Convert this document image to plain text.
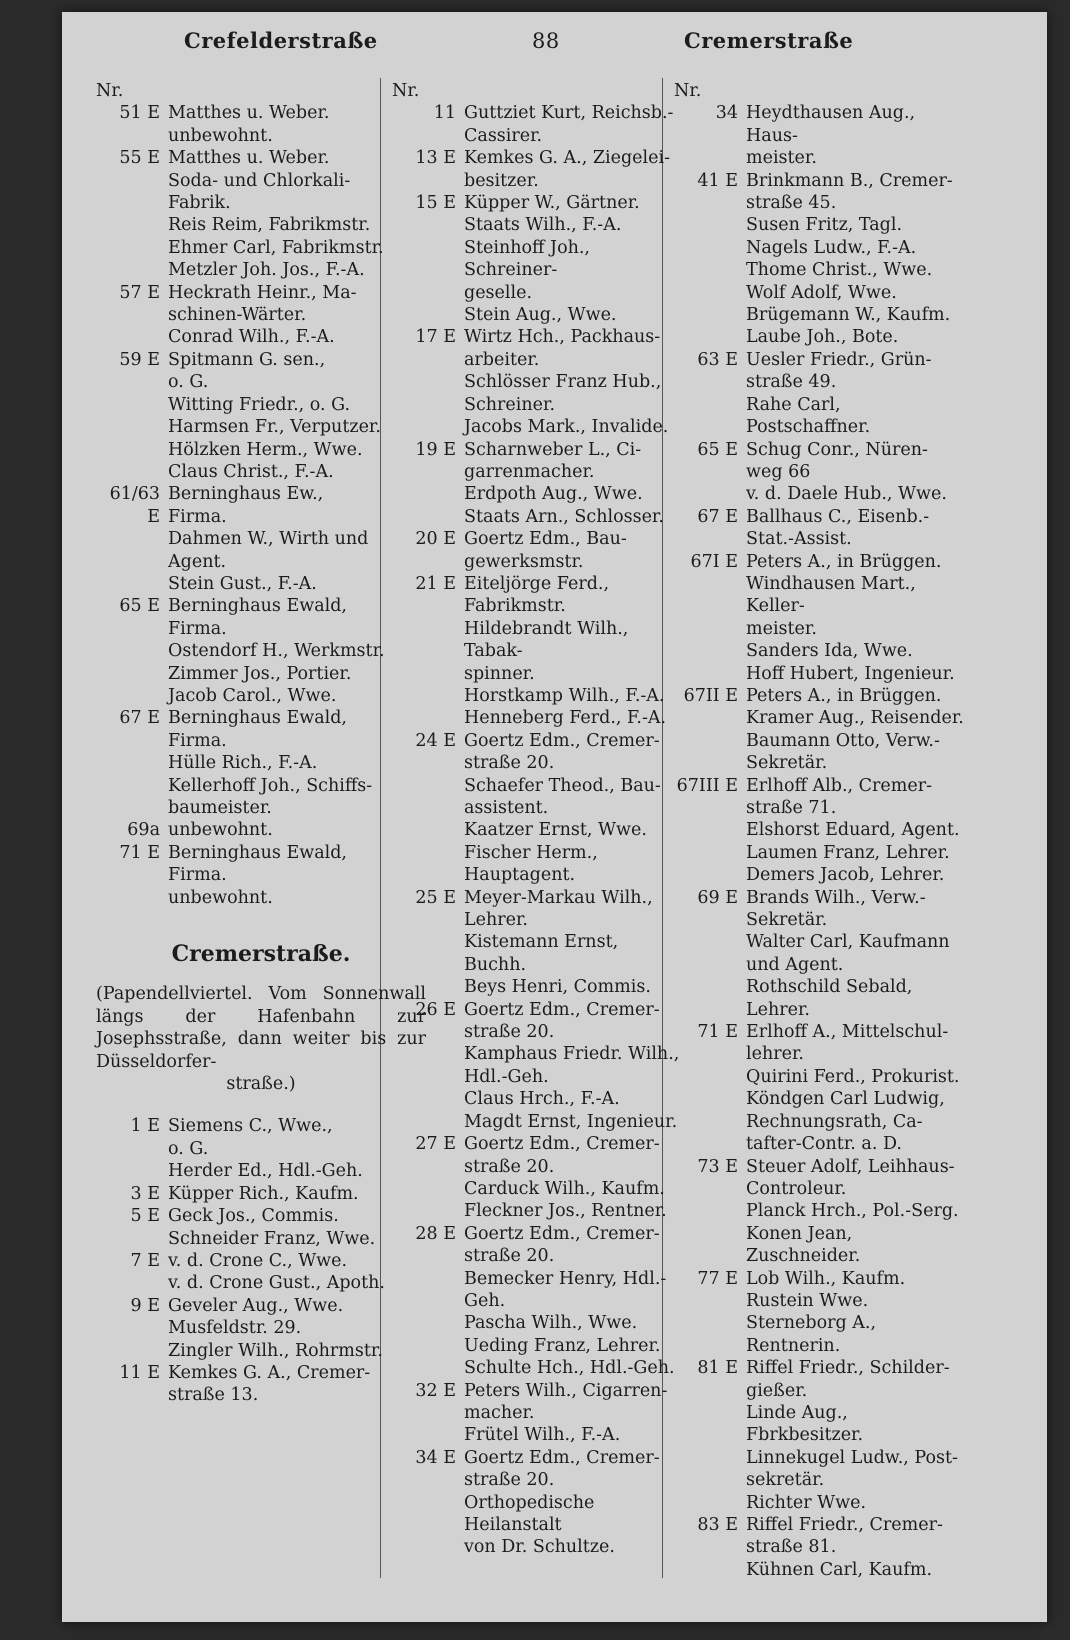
Crefelderstraße	88	Cremerstraße
Nr.
51 E Matthes u. Weber.
unbewohnt.
55 E Matthes u. Weber.
Soda- und Chlorkali-
Fabrik.
Reis Reim, Fabrikmstr.
Ehmer Carl, Fabrikmstr.
Metzler Joh. Jos., F.-A.
57 E Heckrath Heinr., Ma-
schinen-Wärter.
Conrad Wilh., F.-A.
59 E Spitmann G. sen.,
o. G.
Witting Friedr., o. G.
Harmsen Fr., Verputzer.
Hölzken Herm., Wwe.
Claus Christ., F.-A.
61/63 E
Berninghaus Ew.,
Firma.
Dahmen W., Wirth und
Agent.
Stein Gust., F.-A.
65 E Berninghaus Ewald,
Firma.
Ostendorf H., Werkmstr.
Zimmer Jos., Portier.
Jacob Carol., Wwe.
67 E Berninghaus Ewald,
Firma.
Hülle Rich., F.-A.
Kellerhoff Joh., Schiffs-
baumeister.
69a unbewohnt.
71 E Berninghaus Ewald,
Firma.
unbewohnt.
Cremerstraße.
(Papendellviertel. Vom Sonnenwall längs der Hafenbahn zur Josephsstraße, dann weiter bis zur Düsseldorfer-
straße.)
1 E Siemens C., Wwe.,
o. G.
Herder Ed., Hdl.-Geh.
3 E Küpper Rich., Kaufm.
5 E Geck Jos., Commis.
Schneider Franz, Wwe.
7 E v. d. Crone C., Wwe.
v. d. Crone Gust., Apoth.
9 E Geveler Aug., Wwe.
Musfeldstr. 29.
Zingler Wilh., Rohrmstr.
11 E Kemkes G. A., Cremer-
straße 13.
Nr.
11 Guttziet Kurt, Reichsb.-
Cassirer.
13 E Kemkes G. A., Ziegelei-
besitzer.
15 E Küpper W., Gärtner.
Staats Wilh., F.-A.
Steinhoff Joh., Schreiner-
geselle.
Stein Aug., Wwe.
17 E Wirtz Hch., Packhaus-
arbeiter.
Schlösser Franz Hub.,
Schreiner.
Jacobs Mark., Invalide.
19 E Scharnweber L., Ci-
garrenmacher.
Erdpoth Aug., Wwe.
Staats Arn., Schlosser.
20 E Goertz Edm., Bau-
gewerksmstr.
21 E Eiteljörge Ferd.,
Fabrikmstr.
Hildebrandt Wilh., Tabak-
spinner.
Horstkamp Wilh., F.-A.
Henneberg Ferd., F.-A.
24 E Goertz Edm., Cremer-
straße 20.
Schaefer Theod., Bau-
assistent.
Kaatzer Ernst, Wwe.
Fischer Herm., Hauptagent.
25 E Meyer-Markau Wilh.,
Lehrer.
Kistemann Ernst, Buchh.
Beys Henri, Commis.
26 E Goertz Edm., Cremer-
straße 20.
Kamphaus Friedr. Wilh.,
Hdl.-Geh.
Claus Hrch., F.-A.
Magdt Ernst, Ingenieur.
27 E Goertz Edm., Cremer-
straße 20.
Carduck Wilh., Kaufm.
Fleckner Jos., Rentner.
28 E Goertz Edm., Cremer-
straße 20.
Bemecker Henry, Hdl.-Geh.
Pascha Wilh., Wwe.
Ueding Franz, Lehrer.
Schulte Hch., Hdl.-Geh.
32 E Peters Wilh., Cigarren-
macher.
Frütel Wilh., F.-A.
34 E Goertz Edm., Cremer-
straße 20.
Orthopedische Heilanstalt
von Dr. Schultze.
Nr.
34 Heydthausen Aug., Haus-
meister.
41 E Brinkmann B., Cremer-
straße 45.
Susen Fritz, Tagl.
Nagels Ludw., F.-A.
Thome Christ., Wwe.
Wolf Adolf, Wwe.
Brügemann W., Kaufm.
Laube Joh., Bote.
63 E Uesler Friedr., Grün-
straße 49.
Rahe Carl, Postschaffner.
65 E Schug Conr., Nüren-
weg 66
v. d. Daele Hub., Wwe.
67 E Ballhaus C., Eisenb.-
Stat.-Assist.
67I E Peters A., in Brüggen.
Windhausen Mart., Keller-
meister.
Sanders Ida, Wwe.
Hoff Hubert, Ingenieur.
67II E Peters A., in Brüggen.
Kramer Aug., Reisender.
Baumann Otto, Verw.-
Sekretär.
67III E Erlhoff Alb., Cremer-
straße 71.
Elshorst Eduard, Agent.
Laumen Franz, Lehrer.
Demers Jacob, Lehrer.
69 E Brands Wilh., Verw.-
Sekretär.
Walter Carl, Kaufmann
und Agent.
Rothschild Sebald, Lehrer.
71 E Erlhoff A., Mittelschul-
lehrer.
Quirini Ferd., Prokurist.
Köndgen Carl Ludwig,
Rechnungsrath, Ca-
tafter-Contr. a. D.
73 E Steuer Adolf, Leihhaus-
Controleur.
Planck Hrch., Pol.-Serg.
Konen Jean, Zuschneider.
77 E Lob Wilh., Kaufm.
Rustein Wwe.
Sterneborg A., Rentnerin.
81 E Riffel Friedr., Schilder-
gießer.
Linde Aug., Fbrkbesitzer.
Linnekugel Ludw., Post-
sekretär.
Richter Wwe.
83 E Riffel Friedr., Cremer-
straße 81.
Kühnen Carl, Kaufm.
